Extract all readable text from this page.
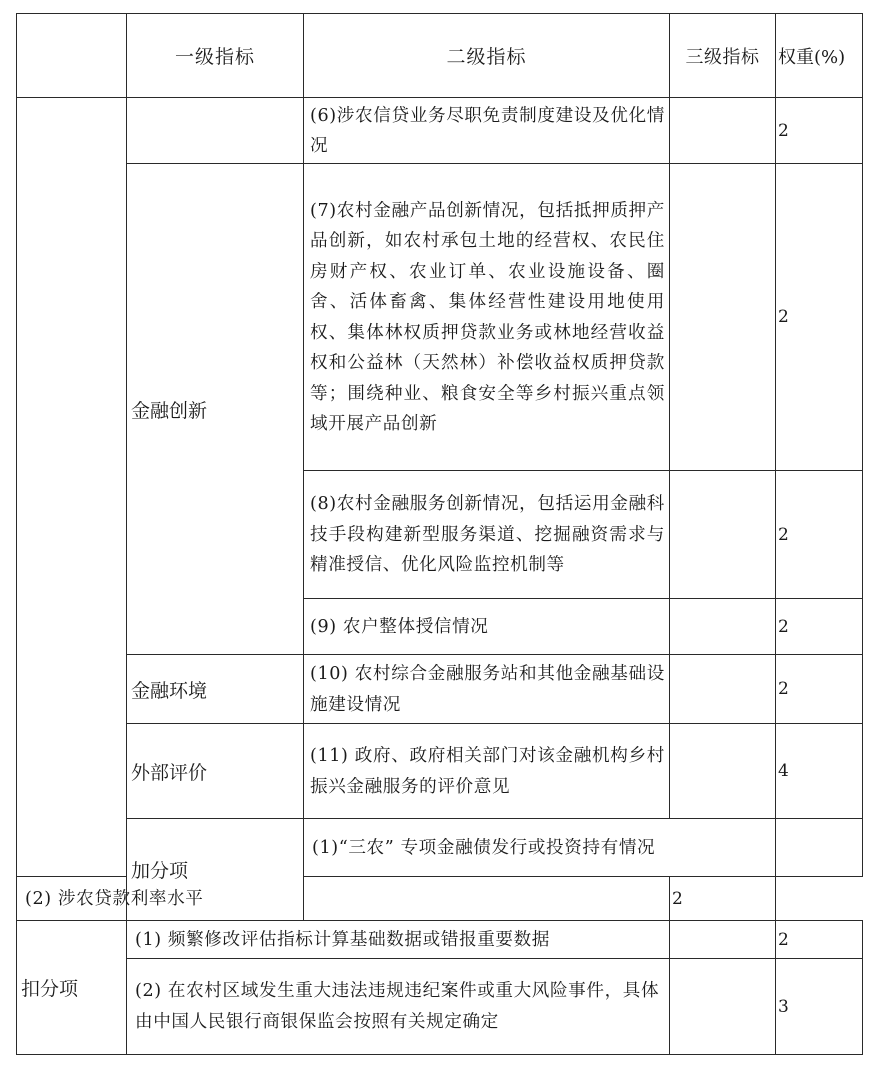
	一级指标	二级指标	三级指标	权重(%)	
		(6)涉农信贷业务尽职免责制度建设及优化情况		2	
	金融创新	(7)农村金融产品创新情况，包括抵押质押产品创新，如农村承包土地的经营权、农民住房财产权、农业订单、农业设施设备、圈舍、活体畜禽、集体经营性建设用地使用权、集体林权质押贷款业务或林地经营收益权和公益林（天然林）补偿收益权质押贷款等；围绕种业、粮食安全等乡村振兴重点领域开展产品创新		2	
		(8)农村金融服务创新情况，包括运用金融科技手段构建新型服务渠道、挖掘融资需求与精准授信、优化风险监控机制等		2	
		(9) 农户整体授信情况		2	
	金融环境	(10) 农村综合金融服务站和其他金融基础设施建设情况		2	
	外部评价	(11) 政府、政府相关部门对该金融机构乡村振兴金融服务的评价意见		4	
	加分项	(1)“三农” 专项金融债发行或投资持有情况		
(2) 涉农贷款利率水平			2		
扣分项	(1) 频繁修改评估指标计算基础数据或错报重要数据			2	
	(2) 在农村区域发生重大违法违规违纪案件或重大风险事件，具体由中国人民银行商银保监会按照有关规定确定			3	
